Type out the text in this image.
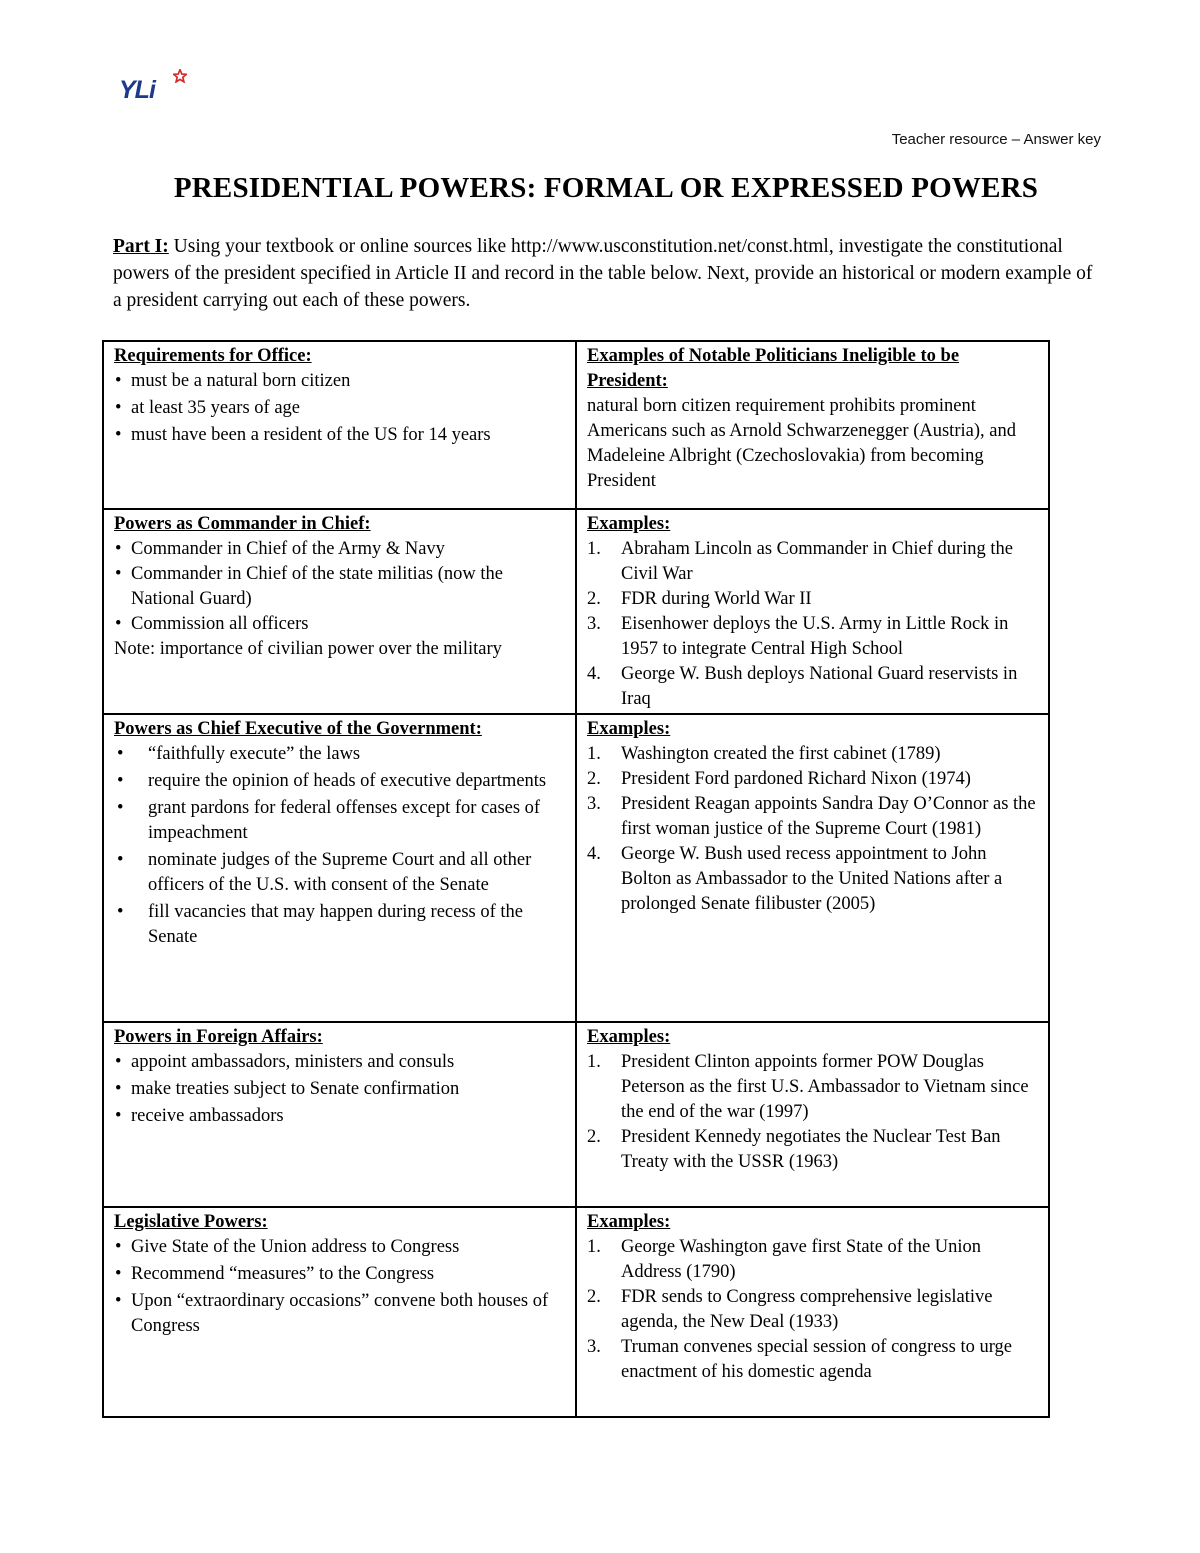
YLi
Teacher resource – Answer key
PRESIDENTIAL POWERS: FORMAL OR EXPRESSED POWERS
Part I: Using your textbook or online sources like http://www.usconstitution.net/const.html, investigate the constitutional powers of the president specified in Article II and record in the table below. Next, provide an historical or modern example of a president carrying out each of these powers.
Requirements for Office:
• must be a natural born citizen
• at least 35 years of age
• must have been a resident of the US for 14 years
Examples of Notable Politicians Ineligible to be President:

natural born citizen requirement prohibits prominent Americans such as Arnold Schwarzenegger (Austria), and Madeleine Albright (Czechoslovakia) from becoming President

Powers as Commander in Chief:
• Commander in Chief of the Army & Navy
• Commander in Chief of the state militias (now the National Guard)
• Commission all officers

Note: importance of civilian power over the military

Examples:
1. Abraham Lincoln as Commander in Chief during the Civil War
2. FDR during World War II
3. Eisenhower deploys the U.S. Army in Little Rock in 1957 to integrate Central High School
4. George W. Bush deploys National Guard reservists in Iraq
Powers as Chief Executive of the Government:
• “faithfully execute” the laws
• require the opinion of heads of executive departments
• grant pardons for federal offenses except for cases of impeachment
• nominate judges of the Supreme Court and all other officers of the U.S. with consent of the Senate
• fill vacancies that may happen during recess of the Senate
Examples:
1. Washington created the first cabinet (1789)
2. President Ford pardoned Richard Nixon (1974)
3. President Reagan appoints Sandra Day O’Connor as the first woman justice of the Supreme Court (1981)
4. George W. Bush used recess appointment to John Bolton as Ambassador to the United Nations after a prolonged Senate filibuster (2005)
Powers in Foreign Affairs:
• appoint ambassadors, ministers and consuls
• make treaties subject to Senate confirmation
• receive ambassadors
Examples:
1. President Clinton appoints former POW Douglas Peterson as the first U.S. Ambassador to Vietnam since the end of the war (1997)
2. President Kennedy negotiates the Nuclear Test Ban Treaty with the USSR (1963)
Legislative Powers:
• Give State of the Union address to Congress
• Recommend “measures” to the Congress
• Upon “extraordinary occasions” convene both houses of Congress
Examples:
1. George Washington gave first State of the Union Address (1790)
2. FDR sends to Congress comprehensive legislative agenda, the New Deal (1933)
3. Truman convenes special session of congress to urge enactment of his domestic agenda
